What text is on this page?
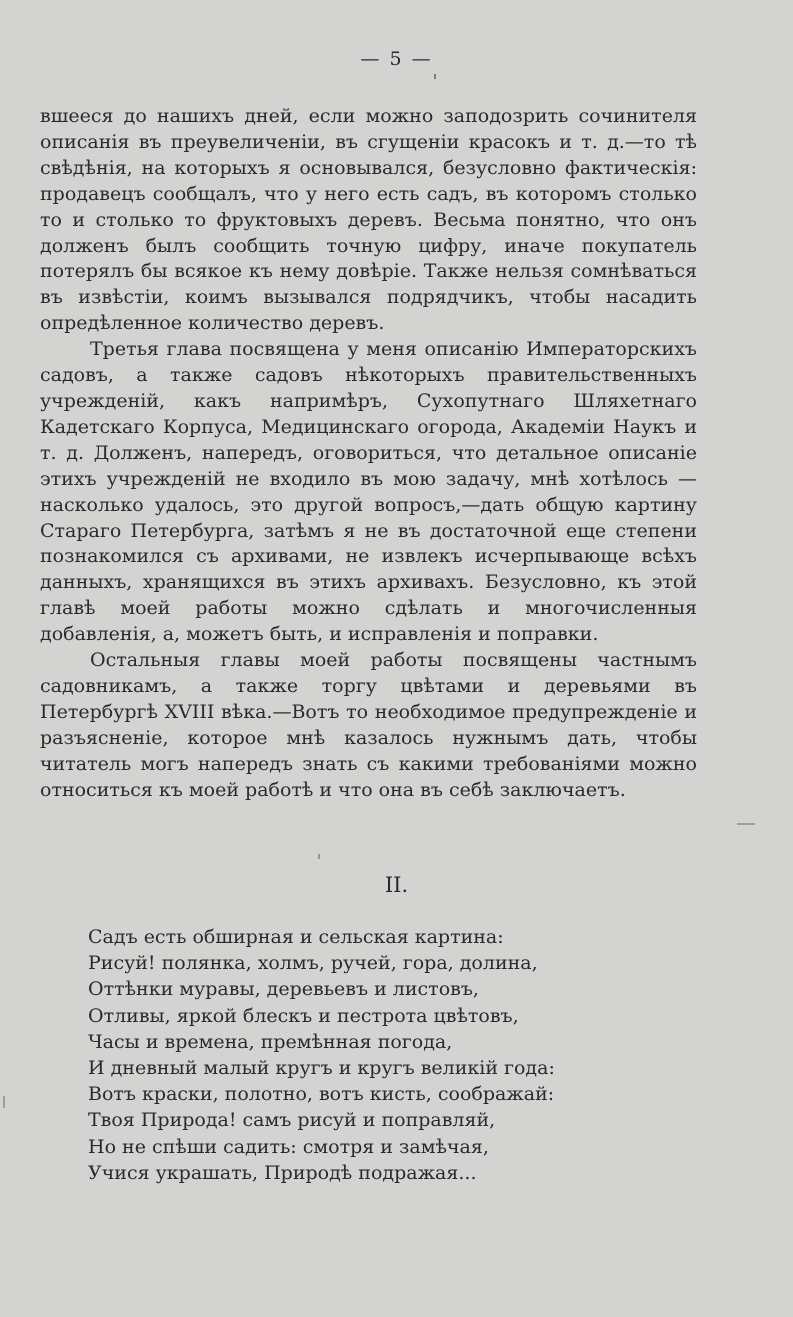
— 5 —

вшееся до нашихъ дней, если можно заподозрить сочинителя описанія въ преувеличеніи, въ сгущеніи красокъ и т. д.—то тѣ свѣдѣнія, на которыхъ я основывался, безусловно фактическія: продавецъ сообщалъ, что у него есть садъ, въ которомъ столько то и столько то фруктовыхъ деревъ. Весьма понятно, что онъ долженъ былъ сообщить точную цифру, иначе покупатель потерялъ бы всякое къ нему довѣріе. Также нельзя сомнѣваться въ извѣстіи, коимъ вызывался подрядчикъ, чтобы насадить опредѣленное количество деревъ.

Третья глава посвящена у меня описанію Императорскихъ садовъ, а также садовъ нѣкоторыхъ правительственныхъ учрежденій, какъ напримѣръ, Сухопутнаго Шляхетнаго Кадетскаго Корпуса, Медицинскаго огорода, Академіи Наукъ и т. д. Долженъ, напередъ, оговориться, что детальное описаніе этихъ учрежденій не входило въ мою задачу, мнѣ хотѣлось — насколько удалось, это другой вопросъ,—дать общую картину Стараго Петербурга, затѣмъ я не въ достаточной еще степени познакомился съ архивами, не извлекъ исчерпывающе всѣхъ данныхъ, хранящихся въ этихъ архивахъ. Безусловно, къ этой главѣ моей работы можно сдѣлать и многочисленныя добавленія, а, можетъ быть, и исправленія и поправки.

Остальныя главы моей работы посвящены частнымъ садовникамъ, а также торгу цвѣтами и деревьями въ Петербургѣ XVIII вѣка.—Вотъ то необходимое предупрежденіе и разъясненіе, которое мнѣ казалось нужнымъ дать, чтобы читатель могъ напередъ знать съ какими требованіями можно относиться къ моей работѣ и что она въ себѣ заключаетъ.

II.
Садъ есть обширная и сельская картина:
Рисуй! полянка, холмъ, ручей, гора, долина,
Оттѣнки муравы, деревьевъ и листовъ,
Отливы, яркой блескъ и пестрота цвѣтовъ,
Часы и времена, премѣнная погода,
И дневный малый кругъ и кругъ великій года:
Вотъ краски, полотно, вотъ кисть, соображай:
Твоя Природа! самъ рисуй и поправляй,
Но не спѣши садить: смотря и замѣчая,
Учися украшать, Природѣ подражая...
